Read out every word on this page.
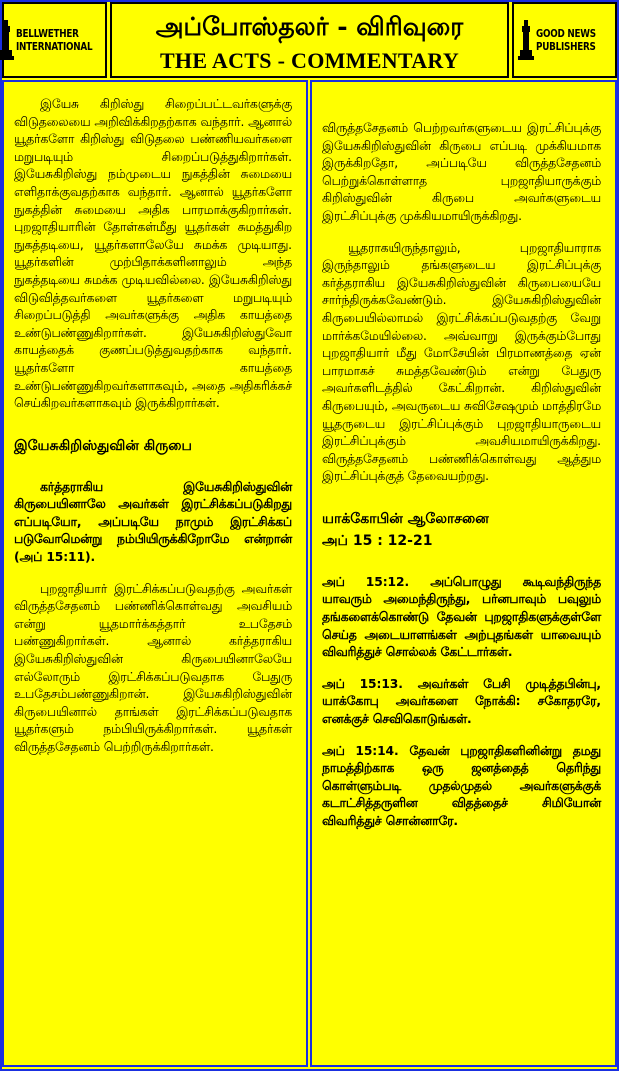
BELLWETHER
INTERNATIONAL
அப்போஸ்தலர் - விரிவுரை
THE ACTS - COMMENTARY
GOOD NEWS
PUBLISHERS

இயேசு கிறிஸ்து சிறைப்பட்டவர்களுக்கு விடுதலையை அறிவிக்கிறதற்காக வந்தார். ஆனால் யூதர்களோ கிறிஸ்து விடுதலை பண்ணியவர்களை மறுபடியும் சிறைப்படுத்துகிறார்கள். இயேசுகிறிஸ்து நம்முடைய நுகத்தின் சுமையை எளிதாக்குவதற்காக வந்தார். ஆனால் யூதர்களோ நுகத்தின் சுமையை அதிக பாரமாக்குகிறார்கள். புறஜாதியாரின் தோள்கள்மீது யூதர்கள் சுமத்துகிற நுகத்தடியை, யூதர்களாலேயே சுமக்க முடியாது. யூதர்களின் முற்பிதாக்களினாலும் அந்த நுகத்தடியை சுமக்க முடியவில்லை. இயேசுகிறிஸ்து விடுவித்தவர்களை யூதர்களை மறுபடியும் சிறைப்படுத்தி அவர்களுக்கு அதிக காயத்தை உண்டுபண்ணுகிறார்கள். இயேசுகிறிஸ்துவோ காயத்தைக் குணப்படுத்துவதற்காக வந்தார். யூதர்களோ காயத்தை உண்டுபண்ணுகிறவர்களாகவும், அதை அதிகரிக்கச் செய்கிறவர்களாகவும் இருக்கிறார்கள்.

இயேசுகிறிஸ்துவின் கிருபை

கர்த்தராகிய இயேசுகிறிஸ்துவின் கிருபையினாலே அவர்கள் இரட்சிக்கப்படுகிறது எப்படியோ, அப்படியே நாமும் இரட்சிக்கப் படுவோமென்று நம்பியிருக்கிறோமே என்றான் (அப் 15:11).

புறஜாதியார் இரட்சிக்கப்படுவதற்கு அவர்கள் விருத்தசேதனம் பண்ணிக்கொள்வது அவசியம் என்று யூதமார்க்கத்தார் உபதேசம் பண்ணுகிறார்கள். ஆனால் கர்த்தராகிய இயேசுகிறிஸ்துவின் கிருபையினாலேயே எல்லோரும் இரட்சிக்கப்படுவதாக பேதுரு உபதேசம்பண்ணுகிறான். இயேசுகிறிஸ்துவின் கிருபையினால் தாங்கள் இரட்சிக்கப்படுவதாக யூதர்களும் நம்பியிருக்கிறார்கள். யூதர்கள் விருத்தசேதனம் பெற்றிருக்கிறார்கள்.

விருத்தசேதனம் பெற்றவர்களுடைய இரட்சிப்புக்கு இயேசுகிறிஸ்துவின் கிருபை எப்படி முக்கியமாக இருக்கிறதோ, அப்படியே விருத்தசேதனம் பெற்றுக்கொள்ளாத புறஜாதியாருக்கும் கிறிஸ்துவின் கிருபை அவர்களுடைய இரட்சிப்புக்கு முக்கியமாயிருக்கிறது.

யூதராகயிருந்தாலும், புறஜாதியாராக இருந்தாலும் தங்களுடைய இரட்சிப்புக்கு கர்த்தராகிய இயேசுகிறிஸ்துவின் கிருபையையே சார்ந்திருக்கவேண்டும். இயேசுகிறிஸ்துவின் கிருபையில்லாமல் இரட்சிக்கப்படுவதற்கு வேறு மார்க்கமேயில்லை. அவ்வாறு இருக்கும்போது புறஜாதியார் மீது மோசேயின் பிரமாணத்தை ஏன் பாரமாகச் சுமத்தவேண்டும் என்று பேதுரு அவர்களிடத்தில் கேட்கிறான். கிறிஸ்துவின் கிருபையும், அவருடைய சுவிசேஷமும் மாத்திரமே யூதருடைய இரட்சிப்புக்கும் புறஜாதியாருடைய இரட்சிப்புக்கும் அவசியமாயிருக்கிறது. விருத்தசேதனம் பண்ணிக்கொள்வது ஆத்தும இரட்சிப்புக்குத் தேவையற்றது.

யாக்கோபின் ஆலோசனை
அப் 15 : 12-21

அப் 15:12. அப்பொழுது கூடிவந்திருந்த யாவரும் அமைந்திருந்து, பர்னபாவும் பவுலும் தங்களைக்கொண்டு தேவன் புறஜாதிகளுக்குள்ளே செய்த அடையாளங்கள் அற்புதங்கள் யாவையும் விவரித்துச் சொல்லக் கேட்டார்கள்.

அப் 15:13. அவர்கள் பேசி முடித்தபின்பு, யாக்கோபு அவர்களை நோக்கி: சகோதரரே, எனக்குச் செவிகொடுங்கள்.

அப் 15:14. தேவன் புறஜாதிகளினின்று தமது நாமத்திற்காக ஒரு ஜனத்தைத் தெரிந்து கொள்ளும்படி முதல்முதல் அவர்களுக்குக் கடாட்சித்தருளின விதத்தைச் சிமியோன் விவரித்துச் சொன்னாரே.
